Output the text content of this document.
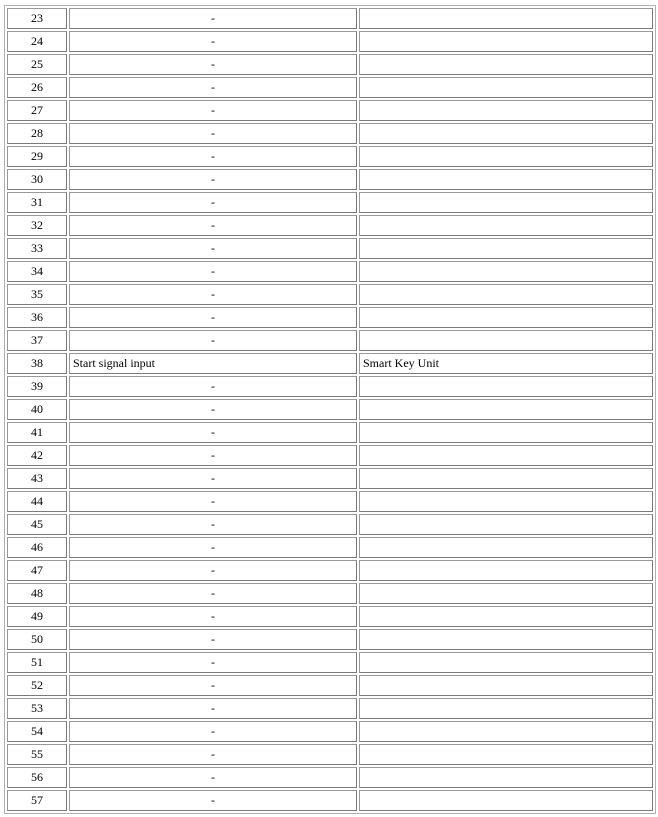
23	-	
24	-	
25	-	
26	-	
27	-	
28	-	
29	-	
30	-	
31	-	
32	-	
33	-	
34	-	
35	-	
36	-	
37	-	
38	Start signal input	Smart Key Unit
39	-	
40	-	
41	-	
42	-	
43	-	
44	-	
45	-	
46	-	
47	-	
48	-	
49	-	
50	-	
51	-	
52	-	
53	-	
54	-	
55	-	
56	-	
57	-	
